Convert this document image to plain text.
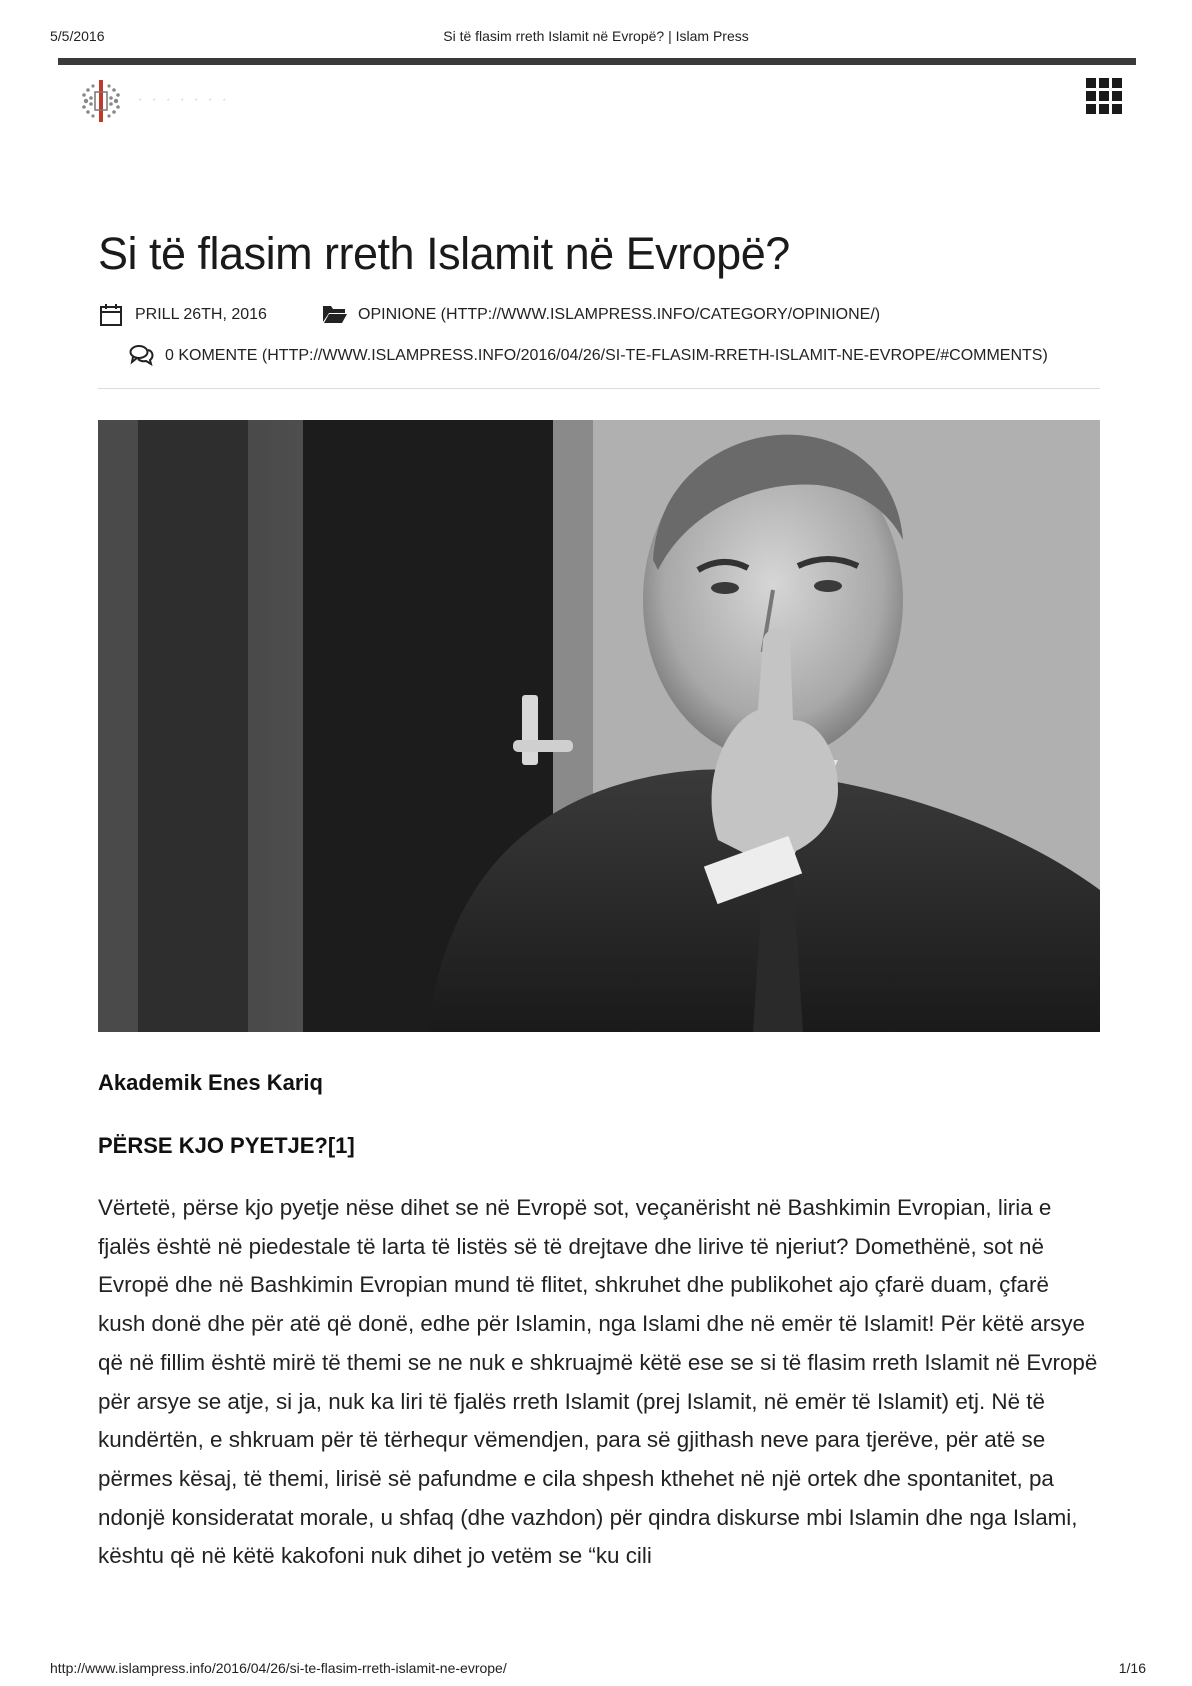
5/5/2016	Si të flasim rreth Islamit në Evropë? | Islam Press
· · · · · · ·
Si të flasim rreth Islamit në Evropë?
PRILL 26TH, 2016	OPINIONE (HTTP://WWW.ISLAMPRESS.INFO/CATEGORY/OPINIONE/)
0 KOMENTE (HTTP://WWW.ISLAMPRESS.INFO/2016/04/26/SI-TE-FLASIM-RRETH-ISLAMIT-NE-EVROPE/#COMMENTS)
Akademik Enes Kariq
PËRSE KJO PYETJE?[1]

Vërtetë, përse kjo pyetje nëse dihet se në Evropë sot, veçanërisht në Bashkimin Evropian, liria e fjalës është në piedestale të larta të listës së të drejtave dhe lirive të njeriut? Domethënë, sot në Evropë dhe në Bashkimin Evropian mund të flitet, shkruhet dhe publikohet ajo çfarë duam, çfarë kush donë dhe për atë që donë, edhe për Islamin, nga Islami dhe në emër të Islamit! Për këtë arsye që në fillim është mirë të themi se ne nuk e shkruajmë këtë ese se si të flasim rreth Islamit në Evropë për arsye se atje, si ja, nuk ka liri të fjalës rreth Islamit (prej Islamit, në emër të Islamit) etj. Në të kundërtën, e shkruam për të tërhequr vëmendjen, para së gjithash neve para tjerëve, për atë se përmes kësaj, të themi, lirisë së pafundme e cila shpesh kthehet në një ortek dhe spontanitet, pa ndonjë konsideratat morale, u shfaq (dhe vazhdon) për qindra diskurse mbi Islamin dhe nga Islami, kështu që në këtë kakofoni nuk dihet jo vetëm se “ku cili

http://www.islampress.info/2016/04/26/si-te-flasim-rreth-islamit-ne-evrope/	1/16
